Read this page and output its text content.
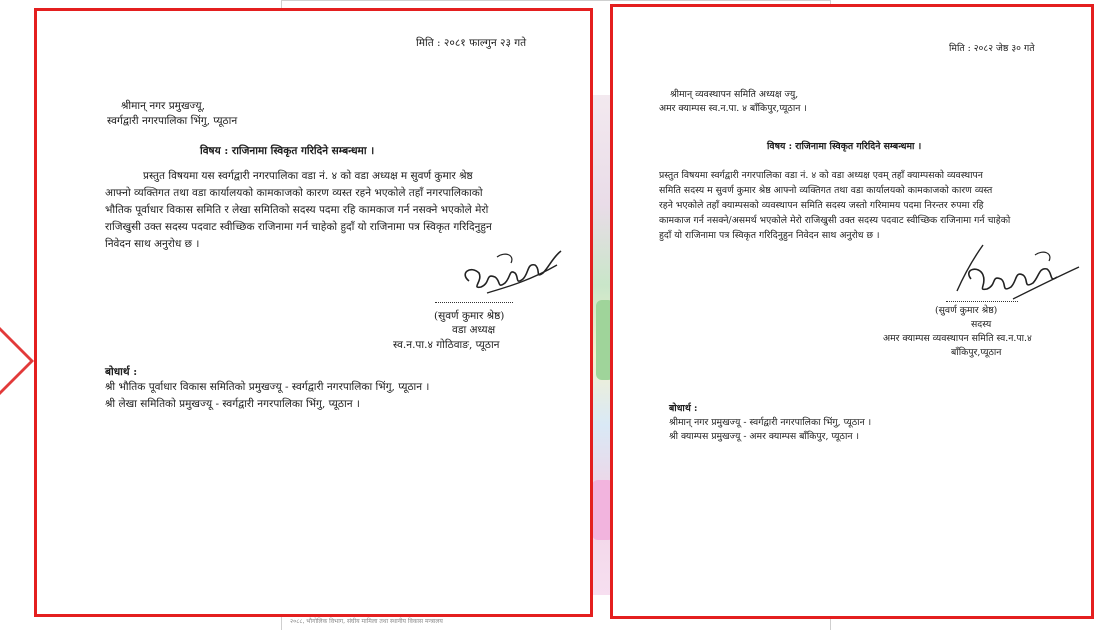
२०८८, भौगोलिक विभाग, संघीय मामिला तथा स्थानीय विकास मन्त्रालय
मिति : २०८१ फाल्गुन २३ गते
श्रीमान् नगर प्रमुखज्यू,
स्वर्गद्वारी नगरपालिका भिंगु, प्यूठान
विषय : राजिनामा स्विकृत गरिदिने सम्बन्धमा ।
प्रस्तुत विषयमा यस स्वर्गद्वारी नगरपालिका वडा नं. ४ को वडा अध्यक्ष म सुवर्ण कुमार श्रेष्ठ
आफ्नो व्यक्तिगत तथा वडा कार्यालयको कामकाजको कारण व्यस्त रहने भएकोले तहाँ नगरपालिकाको
भौतिक पूर्वाधार विकास समिति र लेखा समितिको सदस्य पदमा रहि कामकाज गर्न नसक्ने भएकोले मेरो
राजिखुसी उक्त सदस्य पदवाट स्वीच्छिक राजिनामा गर्न चाहेको हुदाँ यो राजिनामा पत्र स्विकृत गरिदिनुहुन
निवेदन साथ अनुरोध छ ।
(सुवर्ण कुमार श्रेष्ठ)
वडा अध्यक्ष
स्व.न.पा.४ गोठिवाङ, प्यूठान
बोधार्थ :
श्री भौतिक पूर्वाधार विकास समितिको प्रमुखज्यू - स्वर्गद्वारी नगरपालिका भिंगु, प्यूठान ।
श्री लेखा समितिको प्रमुखज्यू - स्वर्गद्वारी नगरपालिका भिंगु, प्यूठान ।
मिति : २०८२ जेष्ठ ३० गते
श्रीमान् व्यवस्थापन समिति अध्यक्ष ज्यु,
अमर क्याम्पस स्व.न.पा. ४ बाँकिपुर,प्यूठान ।
विषय : राजिनामा स्विकृत गरिदिने सम्बन्धमा ।
प्रस्तुत विषयमा स्वर्गद्वारी नगरपालिका वडा नं. ४ को वडा अध्यक्ष एवम् तहाँ क्याम्पसको व्यवस्थापन
समिति सदस्य म सुवर्ण कुमार श्रेष्ठ आफ्नो व्यक्तिगत तथा वडा कार्यालयको कामकाजको कारण व्यस्त
रहने भएकोले तहाँ क्याम्पसको व्यवस्थापन समिति सदस्य जस्तो गरिमामय पदमा निरन्तर रुपमा रहि
कामकाज गर्न नसक्ने/असमर्थ भएकोले मेरो राजिखुसी उक्त सदस्य पदवाट स्वीच्छिक राजिनामा गर्न चाहेको
हुदाँ यो राजिनामा पत्र स्विकृत गरिदिनुहुन निवेदन साथ अनुरोध छ ।
(सुवर्ण कुमार श्रेष्ठ)
सदस्य
अमर क्याम्पस व्यवस्थापन समिति स्व.न.पा.४
बाँकिपुर,प्यूठान
बोधार्थ :
श्रीमान् नगर प्रमुखज्यू - स्वर्गद्वारी नगरपालिका भिंगु, प्यूठान ।
श्री क्याम्पस प्रमुखज्यू - अमर क्याम्पस बाँकिपुर, प्यूठान ।
